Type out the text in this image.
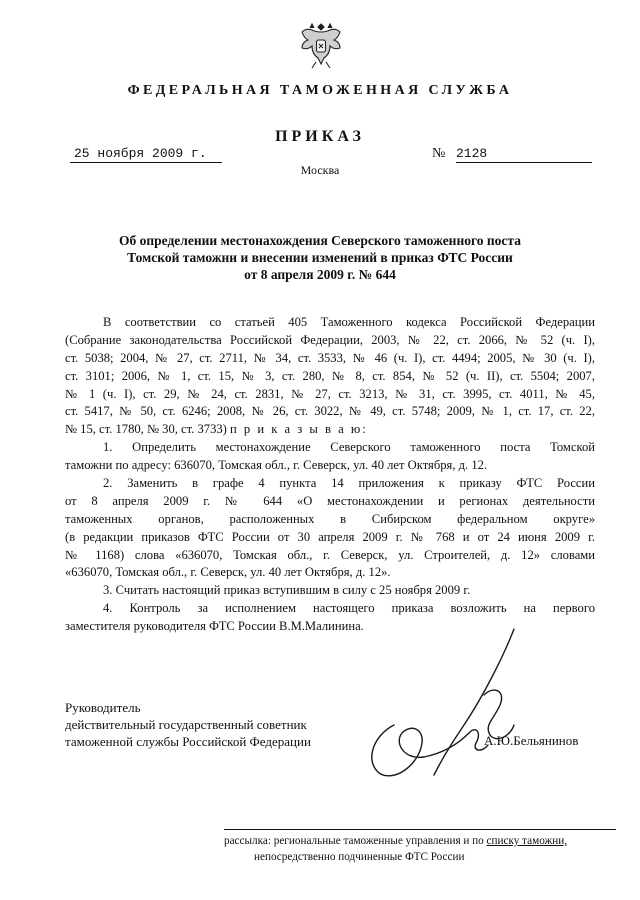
ФЕДЕРАЛЬНАЯ ТАМОЖЕННАЯ СЛУЖБА
ПРИКАЗ
25 ноября 2009 г.	№ 2128
Москва
Об определении местонахождения Северского таможенного поста
Томской таможни и внесении изменений в приказ ФТС России
от 8 апреля 2009 г. № 644
В соответствии со статьей 405 Таможенного кодекса Российской Федерации
(Собрание законодательства Российской Федерации, 2003, № 22, ст. 2066, № 52 (ч. I),
ст. 5038; 2004, № 27, ст. 2711, № 34, ст. 3533, № 46 (ч. I), ст. 4494; 2005, № 30 (ч. I),
ст. 3101; 2006, № 1, ст. 15, № 3, ст. 280, № 8, ст. 854, № 52 (ч. II), ст. 5504; 2007,
№ 1 (ч. I), ст. 29, № 24, ст. 2831, № 27, ст. 3213, № 31, ст. 3995, ст. 4011, № 45,
ст. 5417, № 50, ст. 6246; 2008, № 26, ст. 3022, № 49, ст. 5748; 2009, № 1, ст. 17, ст. 22,
№ 15, ст. 1780, № 30, ст. 3733) п р и к а з ы в а ю:
1. Определить местонахождение Северского таможенного поста Томской
таможни по адресу: 636070, Томская обл., г. Северск, ул. 40 лет Октября, д. 12.
2. Заменить в графе 4 пункта 14 приложения к приказу ФТС России
от 8 апреля 2009 г. № 644 «О местонахождении и регионах деятельности
таможенных органов, расположенных в Сибирском федеральном округе»
(в редакции приказов ФТС России от 30 апреля 2009 г. № 768 и от 24 июня 2009 г.
№ 1168) слова «636070, Томская обл., г. Северск, ул. Строителей, д. 12» словами
«636070, Томская обл., г. Северск, ул. 40 лет Октября, д. 12».
3. Считать настоящий приказ вступившим в силу с 25 ноября 2009 г.
4. Контроль за исполнением настоящего приказа возложить на первого
заместителя руководителя ФТС России В.М.Малинина.
Руководитель
действительный государственный советник
таможенной службы Российской Федерации	А.Ю.Бельянинов
рассылка: региональные таможенные управления и по списку таможни,
непосредственно подчиненные ФТС России
